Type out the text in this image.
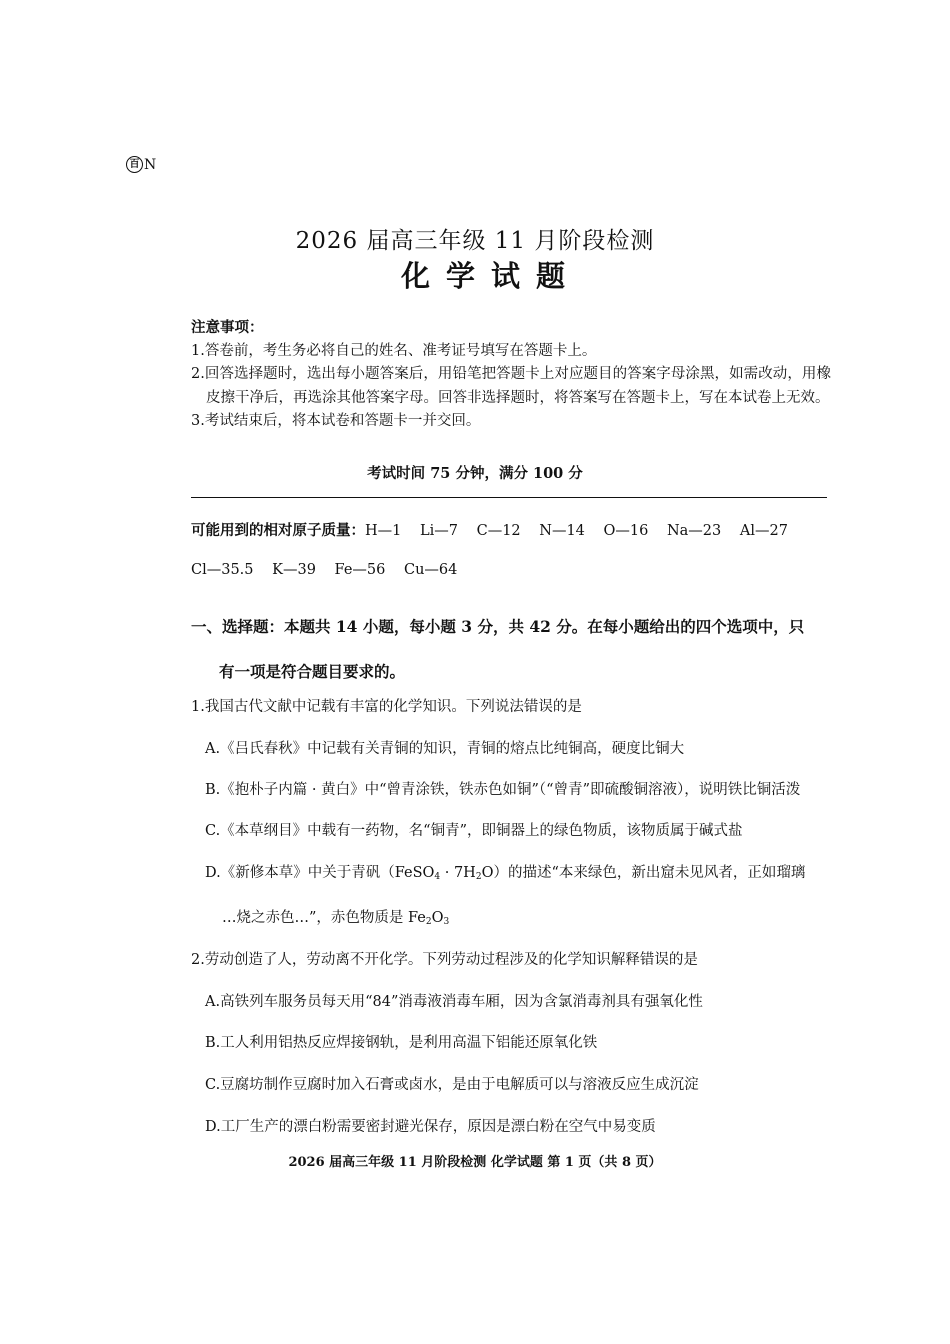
百 N
2026 届高三年级 11 月阶段检测
化学试题
注意事项：
1.答卷前，考生务必将自己的姓名、准考证号填写在答题卡上。
2.回答选择题时，选出每小题答案后，用铅笔把答题卡上对应题目的答案字母涂黑，如需改动，用橡皮擦干净后，再选涂其他答案字母。回答非选择题时，将答案写在答题卡上，写在本试卷上无效。
3.考试结束后，将本试卷和答题卡一并交回。
考试时间 75 分钟，满分 100 分
可能用到的相对原子质量：H—1 Li—7 C—12 N—14 O—16 Na—23 Al—27
Cl—35.5 K—39 Fe—56 Cu—64
一、选择题：本题共 14 小题，每小题 3 分，共 42 分。在每小题给出的四个选项中，只
有一项是符合题目要求的。
1.我国古代文献中记载有丰富的化学知识。下列说法错误的是
A.《吕氏春秋》中记载有关青铜的知识，青铜的熔点比纯铜高，硬度比铜大
B.《抱朴子内篇 · 黄白》中“曾青涂铁，铁赤色如铜”（“曾青”即硫酸铜溶液），说明铁比铜活泼
C.《本草纲目》中载有一药物，名“铜青”，即铜器上的绿色物质，该物质属于碱式盐
D.《新修本草》中关于青矾（FeSO$_4$ · $7H_2O$）的描述“本来绿色，新出窟未见风者，正如瑠璃
…烧之赤色…”，赤色物质是 $Fe_2O_3$
2.劳动创造了人，劳动离不开化学。下列劳动过程涉及的化学知识解释错误的是
A.高铁列车服务员每天用“84”消毒液消毒车厢，因为含氯消毒剂具有强氧化性
B.工人利用铝热反应焊接钢轨，是利用高温下铝能还原氧化铁
C.豆腐坊制作豆腐时加入石膏或卤水，是由于电解质可以与溶液反应生成沉淀
D.工厂生产的漂白粉需要密封避光保存，原因是漂白粉在空气中易变质
2026 届高三年级 11 月阶段检测 化学试题 第 1 页（共 8 页）
